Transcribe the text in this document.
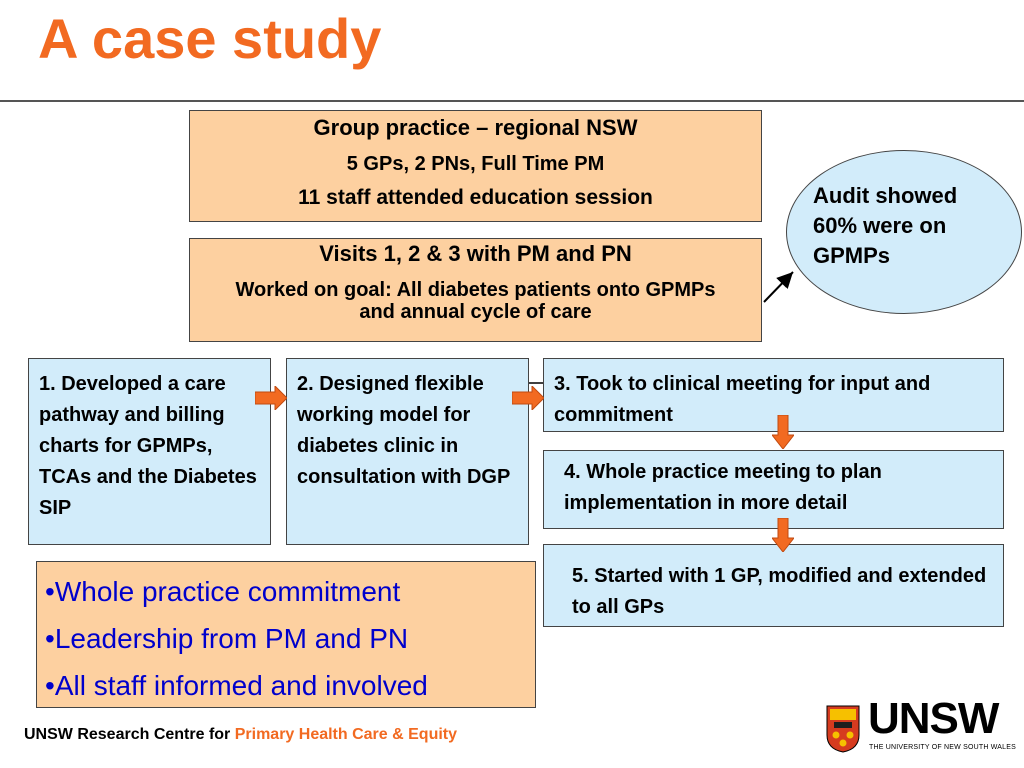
A case study
Group practice – regional NSW
5 GPs, 2 PNs, Full Time PM
11 staff attended education session
Visits 1, 2 & 3 with PM and PN
Worked on goal: All diabetes patients onto GPMPs and annual cycle of care
Audit showed 60% were on GPMPs
1. Developed a care pathway and billing charts for GPMPs, TCAs and the Diabetes SIP
2. Designed flexible working model for diabetes clinic in consultation with DGP
3. Took to clinical meeting for input and commitment
4. Whole practice meeting to plan implementation in more detail
5. Started with 1 GP, modified and extended to all GPs
• Whole practice commitment
• Leadership from PM and PN
• All staff informed and involved
UNSW Research Centre for Primary Health Care & Equity	UNSW
THE UNIVERSITY OF NEW SOUTH WALES
